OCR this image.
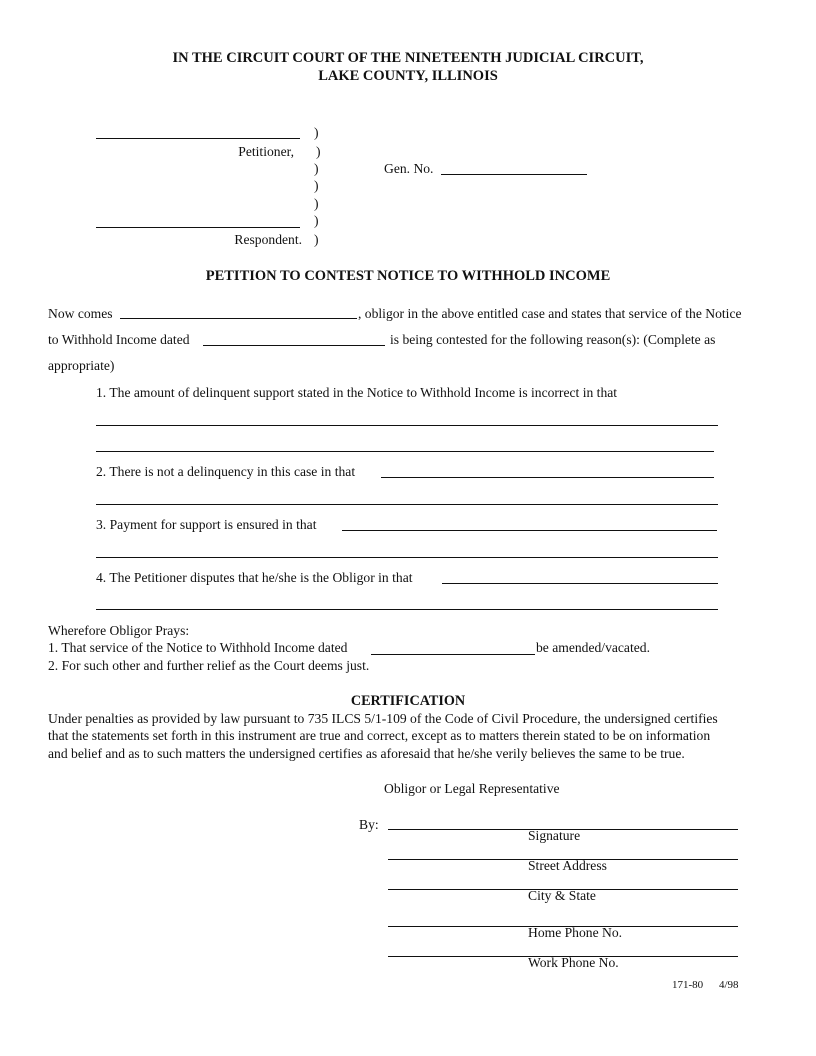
IN THE CIRCUIT COURT OF THE NINETEENTH JUDICIAL CIRCUIT,
LAKE COUNTY, ILLINOIS
Petitioner,
Respondent.
)
)
)
)
)
)
)
Gen. No.
PETITION TO CONTEST NOTICE TO WITHHOLD INCOME
Now comes	, obligor in the above entitled case and states that service of the Notice
to Withhold Income dated	is being contested for the following reason(s): (Complete as
appropriate)
1. The amount of delinquent support stated in the Notice to Withhold Income is incorrect in that
2. There is not a delinquency in this case in that
3. Payment for support is ensured in that
4. The Petitioner disputes that he/she is the Obligor in that
Wherefore Obligor Prays:
1. That service of the Notice to Withhold Income dated	be amended/vacated.
2. For such other and further relief as the Court deems just.
CERTIFICATION
Under penalties as provided by law pursuant to 735 ILCS 5/1-109 of the Code of Civil Procedure, the undersigned certifies
that the statements set forth in this instrument are true and correct, except as to matters therein stated to be on information
and belief and as to such matters the undersigned certifies as aforesaid that he/she verily believes the same to be true.
Obligor or Legal Representative
By:
Signature
Street Address
City & State
Home Phone No.
Work Phone No.
171-80 4/98
